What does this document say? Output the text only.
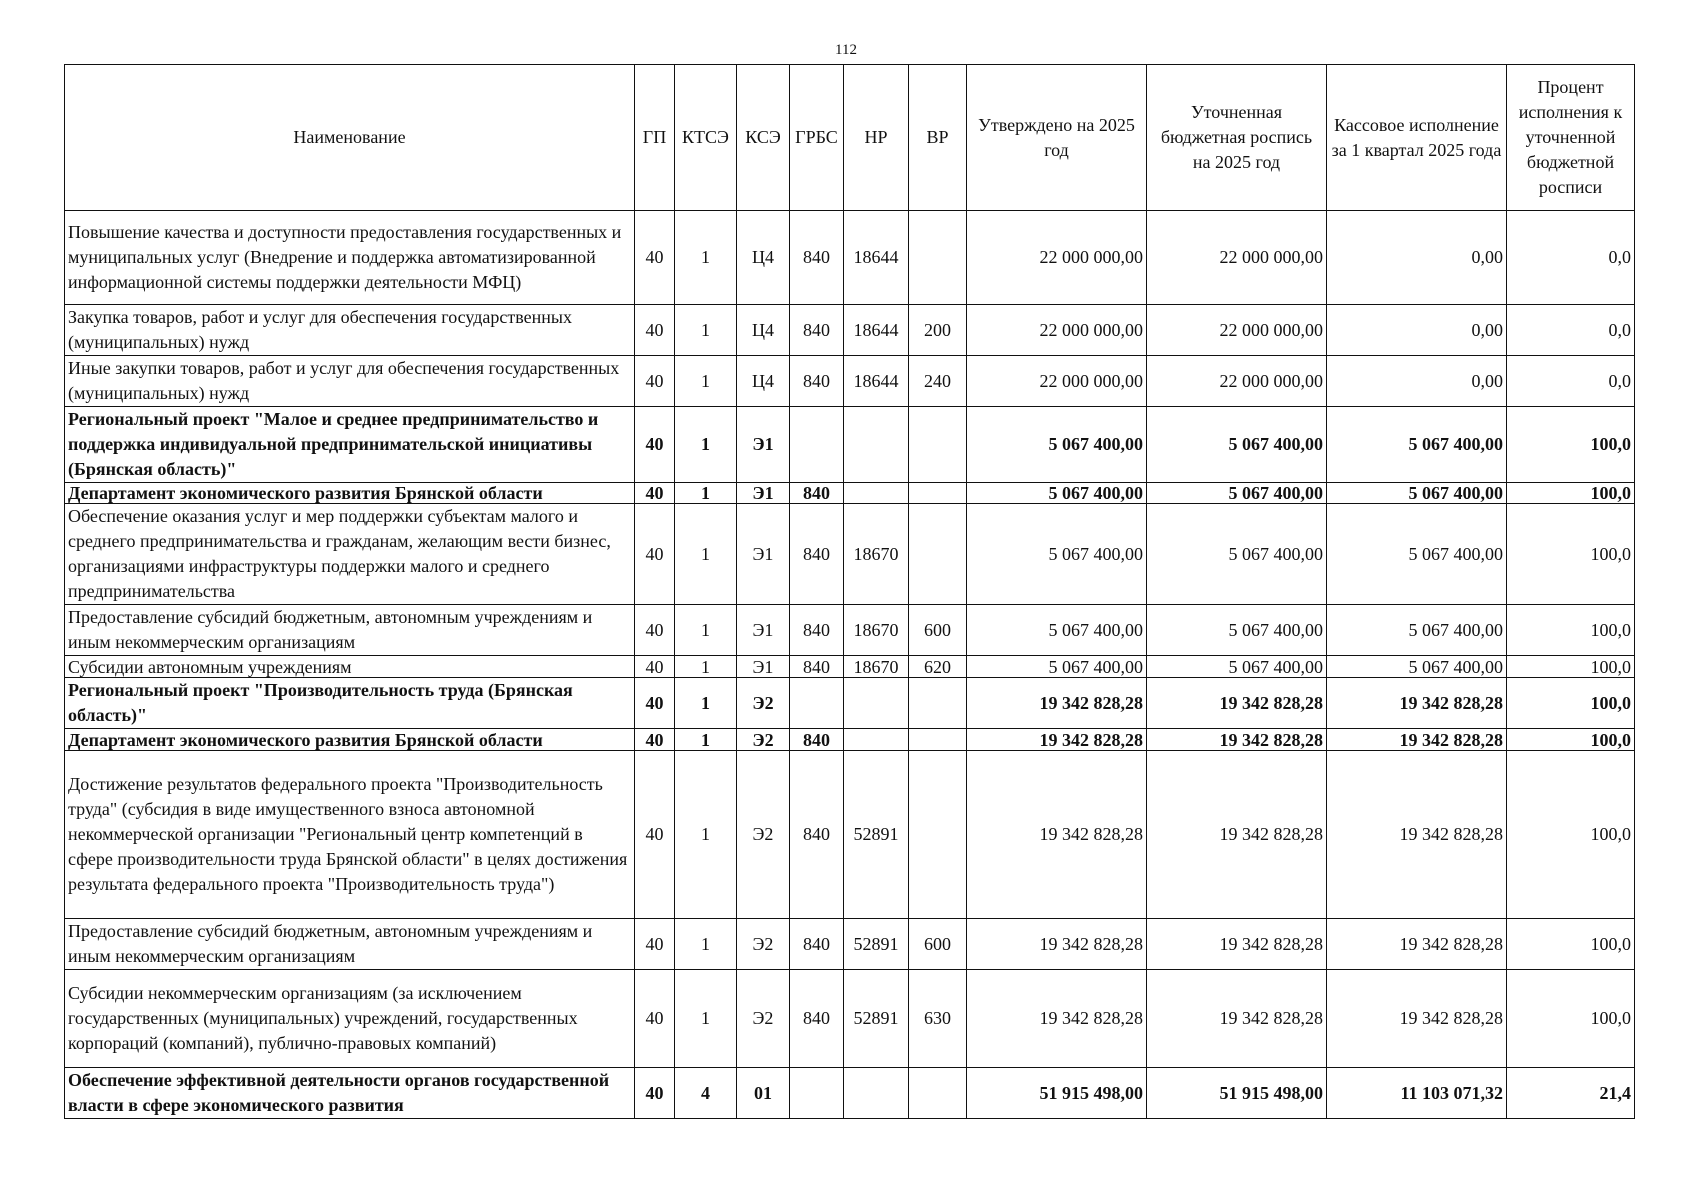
112
Наименование	ГП	КТСЭ	КСЭ	ГРБС	НР	ВР	Утверждено на 2025 год	Уточненная бюджетная роспись на 2025 год	Кассовое исполнение за 1 квартал 2025 года	Процент исполнения к уточненной бюджетной росписи
Повышение качества и доступности предоставления государственных и муниципальных услуг (Внедрение и поддержка автоматизированной информационной системы поддержки деятельности МФЦ)	40	1	Ц4	840	18644		22 000 000,00	22 000 000,00	0,00	0,0
Закупка товаров, работ и услуг для обеспечения государственных (муниципальных) нужд	40	1	Ц4	840	18644	200	22 000 000,00	22 000 000,00	0,00	0,0
Иные закупки товаров, работ и услуг для обеспечения государственных (муниципальных) нужд	40	1	Ц4	840	18644	240	22 000 000,00	22 000 000,00	0,00	0,0
Региональный проект "Малое и среднее предпринимательство и поддержка индивидуальной предпринимательской инициативы (Брянская область)"	40	1	Э1				5 067 400,00	5 067 400,00	5 067 400,00	100,0
Департамент экономического развития Брянской области	40	1	Э1	840			5 067 400,00	5 067 400,00	5 067 400,00	100,0
Обеспечение оказания услуг и мер поддержки субъектам малого и среднего предпринимательства и гражданам, желающим вести бизнес, организациями инфраструктуры поддержки малого и среднего предпринимательства	40	1	Э1	840	18670		5 067 400,00	5 067 400,00	5 067 400,00	100,0
Предоставление субсидий бюджетным, автономным учреждениям и иным некоммерческим организациям	40	1	Э1	840	18670	600	5 067 400,00	5 067 400,00	5 067 400,00	100,0
Субсидии автономным учреждениям	40	1	Э1	840	18670	620	5 067 400,00	5 067 400,00	5 067 400,00	100,0
Региональный проект "Производительность труда (Брянская область)"	40	1	Э2				19 342 828,28	19 342 828,28	19 342 828,28	100,0
Департамент экономического развития Брянской области	40	1	Э2	840			19 342 828,28	19 342 828,28	19 342 828,28	100,0
Достижение результатов федерального проекта "Производительность труда" (субсидия в виде имущественного взноса автономной некоммерческой организации "Региональный центр компетенций в сфере производительности труда Брянской области" в целях достижения результата федерального проекта "Производительность труда")	40	1	Э2	840	52891		19 342 828,28	19 342 828,28	19 342 828,28	100,0
Предоставление субсидий бюджетным, автономным учреждениям и иным некоммерческим организациям	40	1	Э2	840	52891	600	19 342 828,28	19 342 828,28	19 342 828,28	100,0
Субсидии некоммерческим организациям (за исключением государственных (муниципальных) учреждений, государственных корпораций (компаний), публично-правовых компаний)	40	1	Э2	840	52891	630	19 342 828,28	19 342 828,28	19 342 828,28	100,0
Обеспечение эффективной деятельности органов государственной власти в сфере экономического развития	40	4	01				51 915 498,00	51 915 498,00	11 103 071,32	21,4
